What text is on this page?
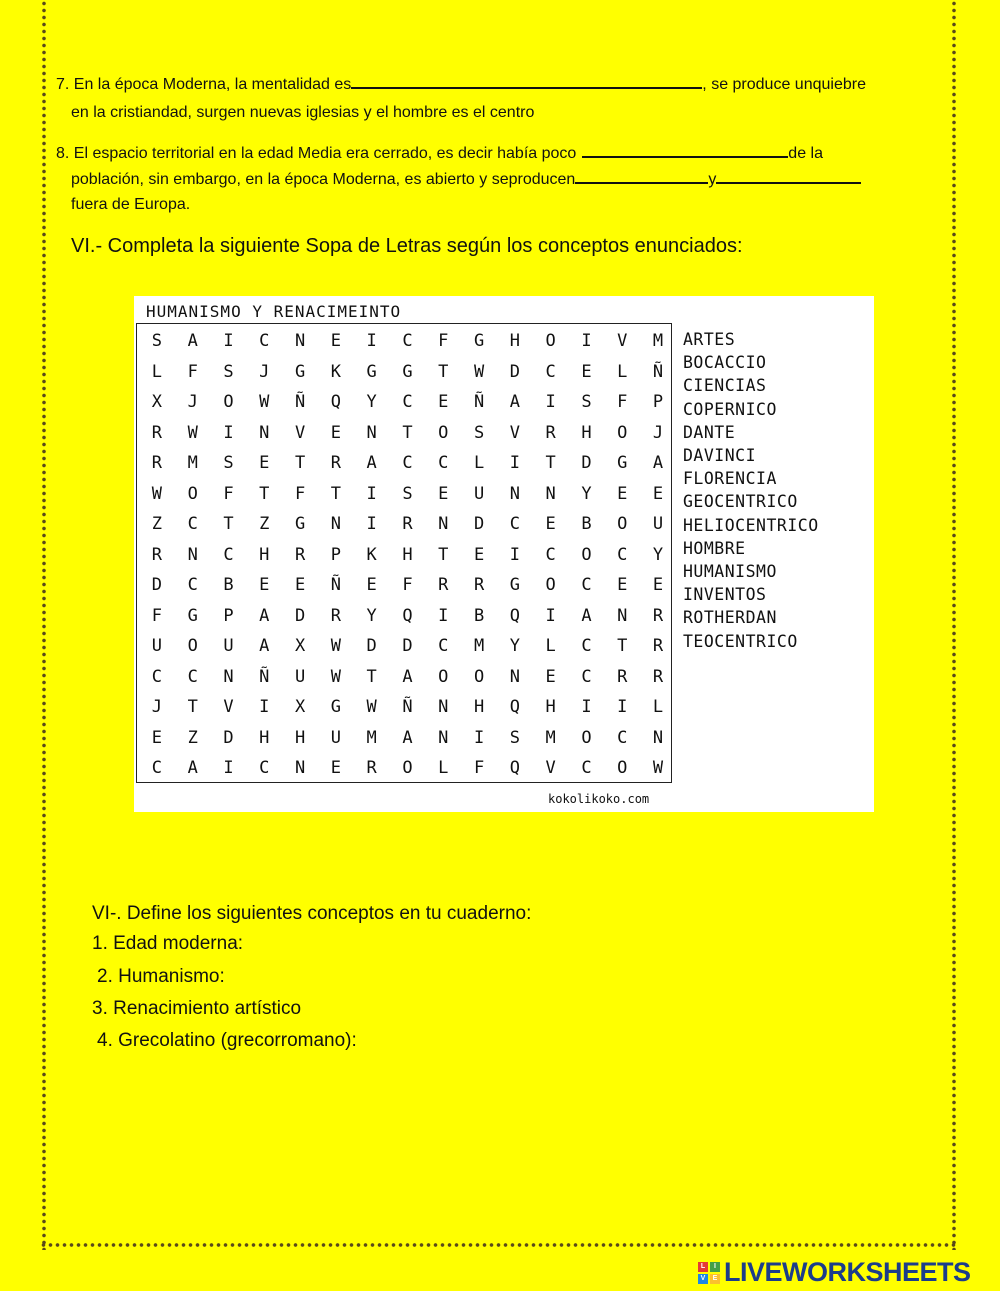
7. En la época Moderna, la mentalidad es	, se produce unquiebre
en la cristiandad, surgen nuevas iglesias y el hombre es el centro
8. El espacio territorial en la edad Media era cerrado, es decir había poco	de la
población, sin embargo, en la época Moderna, es abierto y seproducen	y
fuera de Europa.
VI.- Completa la siguiente Sopa de Letras según los conceptos enunciados:
HUMANISMO Y RENACIMEINTO
S	A	I	C	N	E	I	C	F	G	H	O	I	V	M
L	F	S	J	G	K	G	G	T	W	D	C	E	L	Ñ
X	J	O	W	Ñ	Q	Y	C	E	Ñ	A	I	S	F	P
R	W	I	N	V	E	N	T	O	S	V	R	H	O	J
R	M	S	E	T	R	A	C	C	L	I	T	D	G	A
W	O	F	T	F	T	I	S	E	U	N	N	Y	E	E
Z	C	T	Z	G	N	I	R	N	D	C	E	B	O	U
R	N	C	H	R	P	K	H	T	E	I	C	O	C	Y
D	C	B	E	E	Ñ	E	F	R	R	G	O	C	E	E
F	G	P	A	D	R	Y	Q	I	B	Q	I	A	N	R
U	O	U	A	X	W	D	D	C	M	Y	L	C	T	R
C	C	N	Ñ	U	W	T	A	O	O	N	E	C	R	R
J	T	V	I	X	G	W	Ñ	N	H	Q	H	I	I	L
E	Z	D	H	H	U	M	A	N	I	S	M	O	C	N
C	A	I	C	N	E	R	O	L	F	Q	V	C	O	W
ARTES
BOCACCIO
CIENCIAS
COPERNICO
DANTE
DAVINCI
FLORENCIA
GEOCENTRICO
HELIOCENTRICO
HOMBRE
HUMANISMO
INVENTOS
ROTHERDAN
TEOCENTRICO
kokolikoko.com
VI-. Define los siguientes conceptos en tu cuaderno:
1. Edad moderna:
2. Humanismo:
3. Renacimiento artístico
4. Grecolatino (grecorromano):
L	I
V	E LIVEWORKSHEETS
